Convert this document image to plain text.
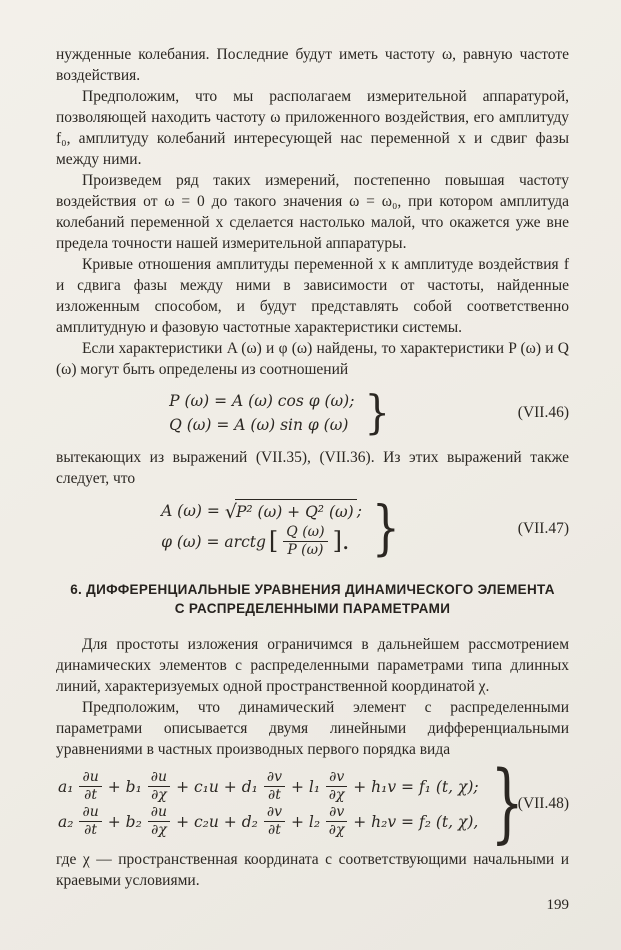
нужденные колебания. Последние будут иметь частоту ω, равную частоте воздействия.

Предположим, что мы располагаем измерительной аппаратурой, позволяющей находить частоту ω приложенного воздействия, его амплитуду f₀, амплитуду колебаний интересующей нас переменной x и сдвиг фазы между ними.

Произведем ряд таких измерений, постепенно повышая частоту воздействия от ω = 0 до такого значения ω = ω₀, при котором амплитуда колебаний переменной x сделается настолько малой, что окажется уже вне предела точности нашей измерительной аппаратуры.

Кривые отношения амплитуды переменной x к амплитуде воздействия f и сдвига фазы между ними в зависимости от частоты, найденные изложенным способом, и будут представлять собой соответственно амплитудную и фазовую частотные характеристики системы.

Если характеристики A (ω) и φ (ω) найдены, то характеристики P (ω) и Q (ω) могут быть определены из соотношений

P (ω) = A (ω) cos φ (ω);
Q (ω) = A (ω) sin φ (ω) }	(VII.46)

вытекающих из выражений (VII.35), (VII.36). Из этих выражений также следует, что

A (ω) = √ P² (ω) + Q² (ω) ;
φ (ω) = arctg [ $\frac{Q (\omega)}{P (\omega)}$ ]. }	(VII.47)
6. ДИФФЕРЕНЦИАЛЬНЫЕ УРАВНЕНИЯ ДИНАМИЧЕСКОГО ЭЛЕМЕНТА
С РАСПРЕДЕЛЕННЫМИ ПАРАМЕТРАМИ

Для простоты изложения ограничимся в дальнейшем рассмотрением динамических элементов с распределенными параметрами типа длинных линий, характеризуемых одной пространственной координатой χ.

Предположим, что динамический элемент с распределенными параметрами описывается двумя линейными дифференциальными уравнениями в частных производных первого порядка вида

$a_1 \frac{\partial u}{\partial t} + b_1 \frac{\partial u}{\partial\chi} + c_1u + d_1 \frac{\partial v}{\partial t} + l_1 \frac{\partial v}{\partial\chi} + h_1v = f_1$ (t, χ);
$a_2 \frac{\partial u}{\partial t} + b_2 \frac{\partial u}{\partial\chi} + c_2u + d_2 \frac{\partial v}{\partial t} + l_2 \frac{\partial v}{\partial\chi} + h_2v = f_2$ (t, χ), }
(VII.48)

где χ — пространственная координата с соответствующими начальными и краевыми условиями.

199
